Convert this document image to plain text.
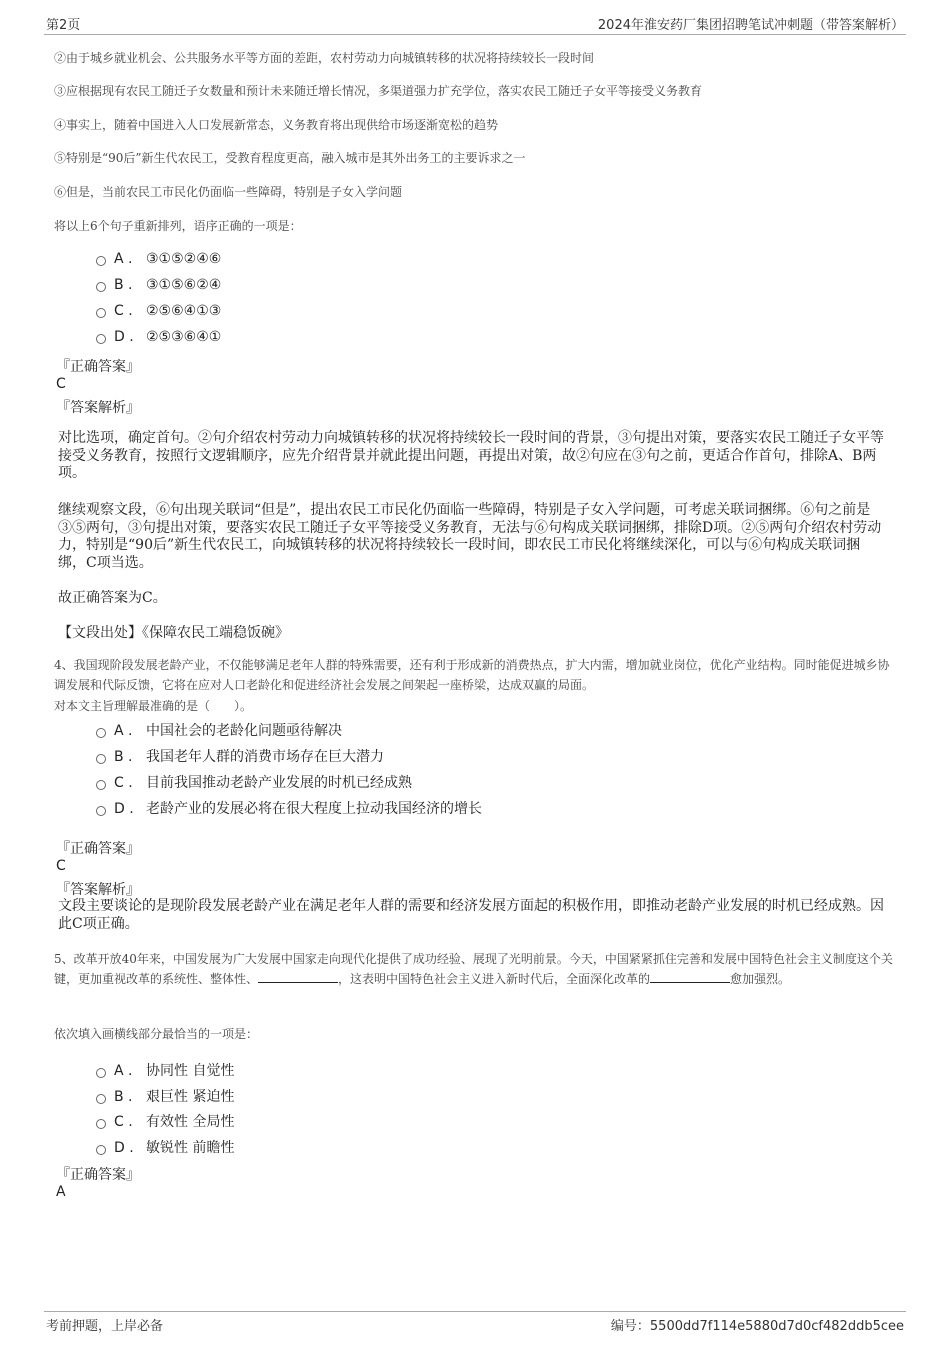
第2页	2024年淮安药厂集团招聘笔试冲刺题（带答案解析）
②由于城乡就业机会、公共服务水平等方面的差距，农村劳动力向城镇转移的状况将持续较长一段时间
③应根据现有农民工随迁子女数量和预计未来随迁增长情况，多渠道强力扩充学位，落实农民工随迁子女平等接受义务教育
④事实上，随着中国进入人口发展新常态，义务教育将出现供给市场逐渐宽松的趋势
⑤特别是“90后”新生代农民工，受教育程度更高，融入城市是其外出务工的主要诉求之一
⑥但是，当前农民工市民化仍面临一些障碍，特别是子女入学问题
将以上6个句子重新排列，语序正确的一项是：
A . ③①⑤②④⑥
B . ③①⑤⑥②④
C . ②⑤⑥④①③
D . ②⑤③⑥④①
『正确答案』
C
『答案解析』
对比选项，确定首句。②句介绍农村劳动力向城镇转移的状况将持续较长一段时间的背景，③句提出对策，要落实农民工随迁子女平等接受义务教育，按照行文逻辑顺序，应先介绍背景并就此提出问题，再提出对策，故②句应在③句之前，更适合作首句，排除A、B两项。
继续观察文段，⑥句出现关联词“但是”，提出农民工市民化仍面临一些障碍，特别是子女入学问题，可考虑关联词捆绑。⑥句之前是③⑤两句，③句提出对策，要落实农民工随迁子女平等接受义务教育，无法与⑥句构成关联词捆绑，排除D项。②⑤两句介绍农村劳动力，特别是“90后”新生代农民工，向城镇转移的状况将持续较长一段时间，即农民工市民化将继续深化，可以与⑥句构成关联词捆绑，C项当选。
故正确答案为C。
【文段出处】《保障农民工端稳饭碗》
4、我国现阶段发展老龄产业，不仅能够满足老年人群的特殊需要，还有利于形成新的消费热点，扩大内需，增加就业岗位，优化产业结构。同时能促进城乡协调发展和代际反馈，它将在应对人口老龄化和促进经济社会发展之间架起一座桥梁，达成双赢的局面。
对本文主旨理解最准确的是（　　）。
A . 中国社会的老龄化问题亟待解决
B . 我国老年人群的消费市场存在巨大潜力
C . 目前我国推动老龄产业发展的时机已经成熟
D . 老龄产业的发展必将在很大程度上拉动我国经济的增长
『正确答案』
C
『答案解析』
文段主要谈论的是现阶段发展老龄产业在满足老年人群的需要和经济发展方面起的积极作用，即推动老龄产业发展的时机已经成熟。因此C项正确。
5、改革开放40年来，中国发展为广大发展中国家走向现代化提供了成功经验、展现了光明前景。今天，中国紧紧抓住完善和发展中国特色社会主义制度这个关键，更加重视改革的系统性、整体性、	，这表明中国特色社会主义进入新时代后，全面深化改革的	愈加强烈。
依次填入画横线部分最恰当的一项是：
A . 协同性 自觉性
B . 艰巨性 紧迫性
C . 有效性 全局性
D . 敏锐性 前瞻性
『正确答案』
A
考前押题，上岸必备	编号：5500dd7f114e5880d7d0cf482ddb5cee
